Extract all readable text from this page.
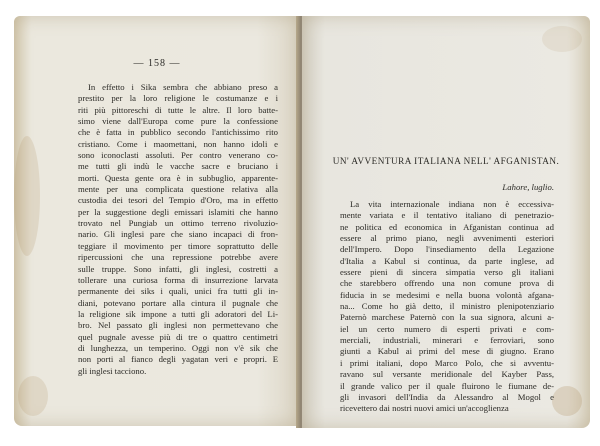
— 158 —
In effetto i Sikа sembra che abbiano preso a
prestito per la loro religione le costumanze e i
riti più pittoreschi di tutte le altre. Il loro batte-
simo viene dall'Europa come pure la confessione
che è fatta in pubblico secondo l'antichissimo rito
cristiano. Come i maomettani, non hanno idoli e
sono iconoclasti assoluti. Per contro venerano co-
me tutti gli indù le vacche sacre e bruciano i
morti. Questa gente ora è in subbuglio, apparente-
mente per una complicata questione relativa alla
custodia dei tesori del Tempio d'Oro, ma in effetto
per la suggestione degli emissari islamiti che hanno
trovato nel Pungiab un ottimo terreno rivoluzio-
nario. Gli inglesi pare che siano incapaci di fron-
teggiare il movimento per timore soprattutto delle
ripercussioni che una repressione potrebbe avere
sulle truppe. Sono infatti, gli inglesi, costretti a
tollerare una curiosa forma di insurrezione larvata
permanente dei siks i quali, unici fra tutti gli in-
diani, potevano portare alla cintura il pugnale che
la religione sik impone a tutti gli adoratori del Li-
bro. Nel passato gli inglesi non permettevano che
quel pugnale avesse più di tre o quattro centimetri
di lunghezza, un temperino. Oggi non v'è sik che
non porti al fianco degli yagatan veri e propri. E
gli inglesi tacciono.
UN' AVVENTURA ITALIANA NELL' AFGANISTAN.
Lahore, luglio.
La vita internazionale indiana non è eccessiva-
mente variata e il tentativo italiano di penetrazio-
ne politica ed economica in Afganistan continua ad
essere al primo piano, negli avvenimenti esteriori
dell'Impero. Dopo l'insediamento della Legazione
d'Italia a Kabul si continua, da parte inglese, ad
essere pieni di sincera simpatia verso gli italiani
che starebbero offrendo una non comune prova di
fiducia in se medesimi e nella buona volontà afgana-
na... Come ho già detto, il ministro plenipotenziario
Paternò marchese Paternò con la sua signora, alcuni a-
iel un certo numero di esperti privati e com-
merciali, industriali, minerari e ferroviari, sono
giunti a Kabul ai primi del mese di giugno. Erano
i primi italiani, dopo Marco Polo, che si avventu-
ravano sul versante meridionale del Kayber Pass,
il grande valico per il quale fluirono le fiumane de-
gli invasori dell'India da Alessandro al Mogol e
ricevettero dai nostri nuovi amici un'accoglienza
